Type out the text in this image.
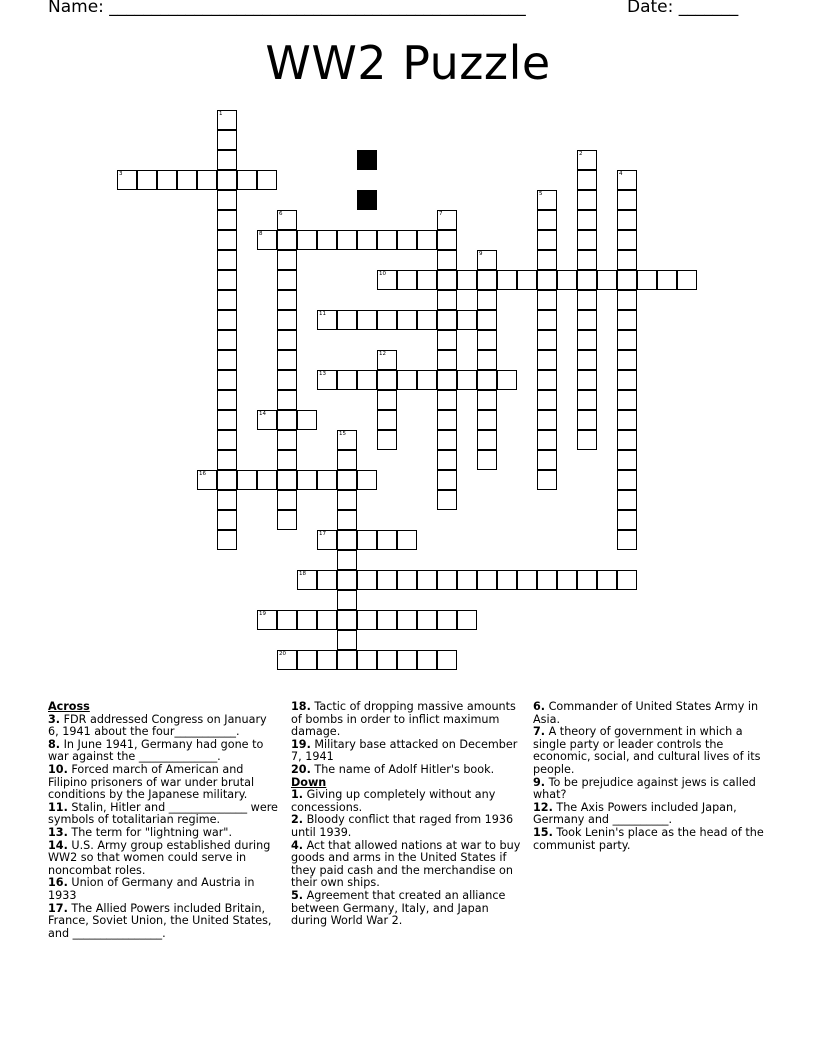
Name: _________________________________________________	Date: _______
WW2 Puzzle
1
2
3	4
5
6	7
8
9
10
11
12
13
14
15
16
17
18
19
20
Across
3. FDR addressed Congress on January 6, 1941 about the four___________.
8. In June 1941, Germany had gone to war against the ______________.
10. Forced march of American and Filipino prisoners of war under brutal conditions by the Japanese military.
11. Stalin, Hitler and ______________ were symbols of totalitarian regime.
13. The term for "lightning war".
14. U.S. Army group established during WW2 so that women could serve in noncombat roles.
16. Union of Germany and Austria in 1933
17. The Allied Powers included Britain, France, Soviet Union, the United States, and ________________.
18. Tactic of dropping massive amounts of bombs in order to inflict maximum damage.
19. Military base attacked on December 7, 1941
20. The name of Adolf Hitler's book.
Down
1. Giving up completely without any concessions.
2. Bloody conflict that raged from 1936 until 1939.
4. Act that allowed nations at war to buy goods and arms in the United States if they paid cash and the merchandise on their own ships.
5. Agreement that created an alliance between Germany, Italy, and Japan during World War 2.
6. Commander of United States Army in Asia.
7. A theory of government in which a single party or leader controls the economic, social, and cultural lives of its people.
9. To be prejudice against jews is called what?
12. The Axis Powers included Japan, Germany and __________.
15. Took Lenin's place as the head of the communist party.
